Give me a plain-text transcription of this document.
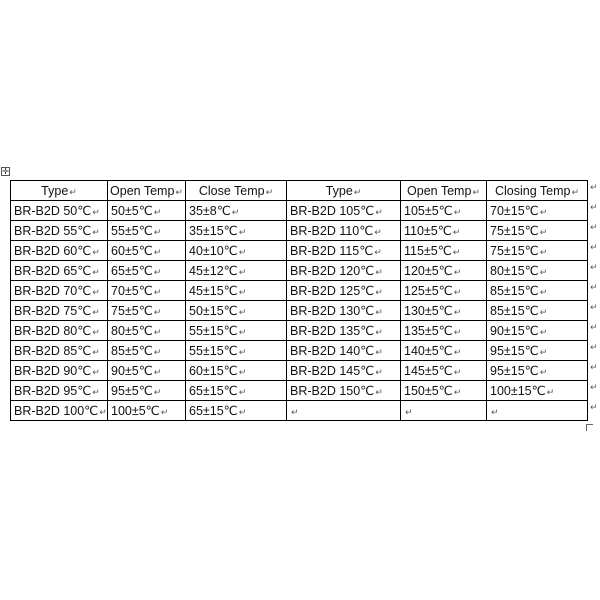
✛
Type↵	Open Temp↵	Close Temp↵	Type↵	Open Temp↵	Closing Temp↵
BR-B2D 50℃↵	50±5℃↵	35±8℃↵	BR-B2D 105℃↵	105±5℃↵	70±15℃↵
BR-B2D 55℃↵	55±5℃↵	35±15℃↵	BR-B2D 110℃↵	110±5℃↵	75±15℃↵
BR-B2D 60℃↵	60±5℃↵	40±10℃↵	BR-B2D 115℃↵	115±5℃↵	75±15℃↵
BR-B2D 65℃↵	65±5℃↵	45±12℃↵	BR-B2D 120℃↵	120±5℃↵	80±15℃↵
BR-B2D 70℃↵	70±5℃↵	45±15℃↵	BR-B2D 125℃↵	125±5℃↵	85±15℃↵
BR-B2D 75℃↵	75±5℃↵	50±15℃↵	BR-B2D 130℃↵	130±5℃↵	85±15℃↵
BR-B2D 80℃↵	80±5℃↵	55±15℃↵	BR-B2D 135℃↵	135±5℃↵	90±15℃↵
BR-B2D 85℃↵	85±5℃↵	55±15℃↵	BR-B2D 140℃↵	140±5℃↵	95±15℃↵
BR-B2D 90℃↵	90±5℃↵	60±15℃↵	BR-B2D 145℃↵	145±5℃↵	95±15℃↵
BR-B2D 95℃↵	95±5℃↵	65±15℃↵	BR-B2D 150℃↵	150±5℃↵	100±15℃↵
BR-B2D 100℃↵	100±5℃↵	65±15℃↵	↵	↵	↵
↵
↵
↵
↵
↵
↵
↵
↵
↵
↵
↵
↵
